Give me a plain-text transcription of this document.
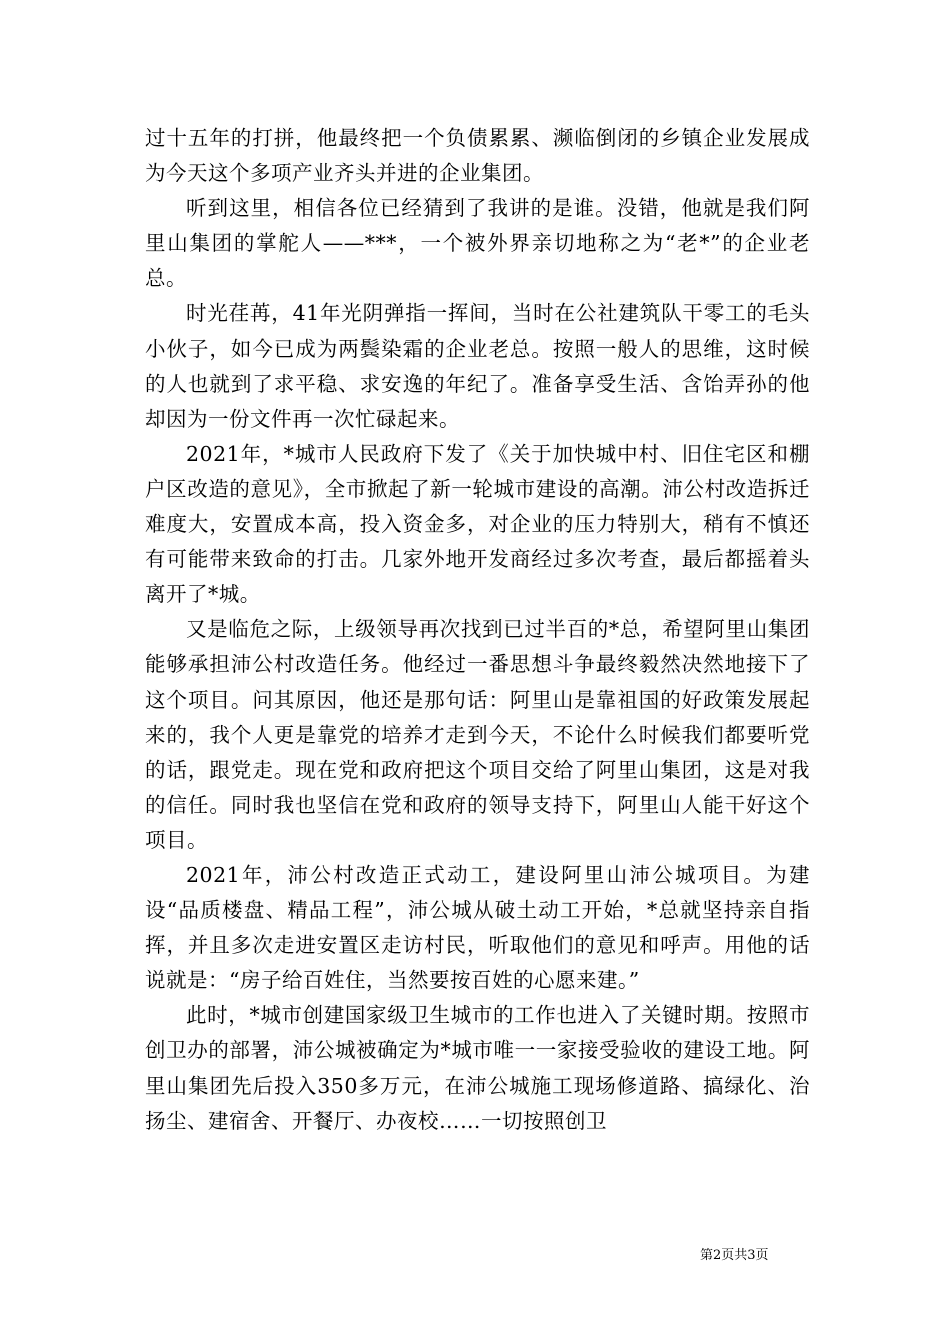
过十五年的打拼，他最终把一个负债累累、濒临倒闭的乡镇企业发展成为今天这个多项产业齐头并进的企业集团。

听到这里，相信各位已经猜到了我讲的是谁。没错，他就是我们阿里山集团的掌舵人——***，一个被外界亲切地称之为“老*”的企业老总。

时光荏苒，41年光阴弹指一挥间，当时在公社建筑队干零工的毛头小伙子，如今已成为两鬓染霜的企业老总。按照一般人的思维，这时候的人也就到了求平稳、求安逸的年纪了。准备享受生活、含饴弄孙的他却因为一份文件再一次忙碌起来。

2021年，*城市人民政府下发了《关于加快城中村、旧住宅区和棚户区改造的意见》，全市掀起了新一轮城市建设的高潮。沛公村改造拆迁难度大，安置成本高，投入资金多，对企业的压力特别大，稍有不慎还有可能带来致命的打击。几家外地开发商经过多次考查，最后都摇着头离开了*城。

又是临危之际，上级领导再次找到已过半百的*总，希望阿里山集团能够承担沛公村改造任务。他经过一番思想斗争最终毅然决然地接下了这个项目。问其原因，他还是那句话：阿里山是靠祖国的好政策发展起来的，我个人更是靠党的培养才走到今天，不论什么时候我们都要听党的话，跟党走。现在党和政府把这个项目交给了阿里山集团，这是对我的信任。同时我也坚信在党和政府的领导支持下，阿里山人能干好这个项目。

2021年，沛公村改造正式动工，建设阿里山沛公城项目。为建设“品质楼盘、精品工程”，沛公城从破土动工开始，*总就坚持亲自指挥，并且多次走进安置区走访村民，听取他们的意见和呼声。用他的话说就是：“房子给百姓住，当然要按百姓的心愿来建。”

此时，*城市创建国家级卫生城市的工作也进入了关键时期。按照市创卫办的部署，沛公城被确定为*城市唯一一家接受验收的建设工地。阿里山集团先后投入350多万元，在沛公城施工现场修道路、搞绿化、治扬尘、建宿舍、开餐厅、办夜校……一切按照创卫

第2页共3页
